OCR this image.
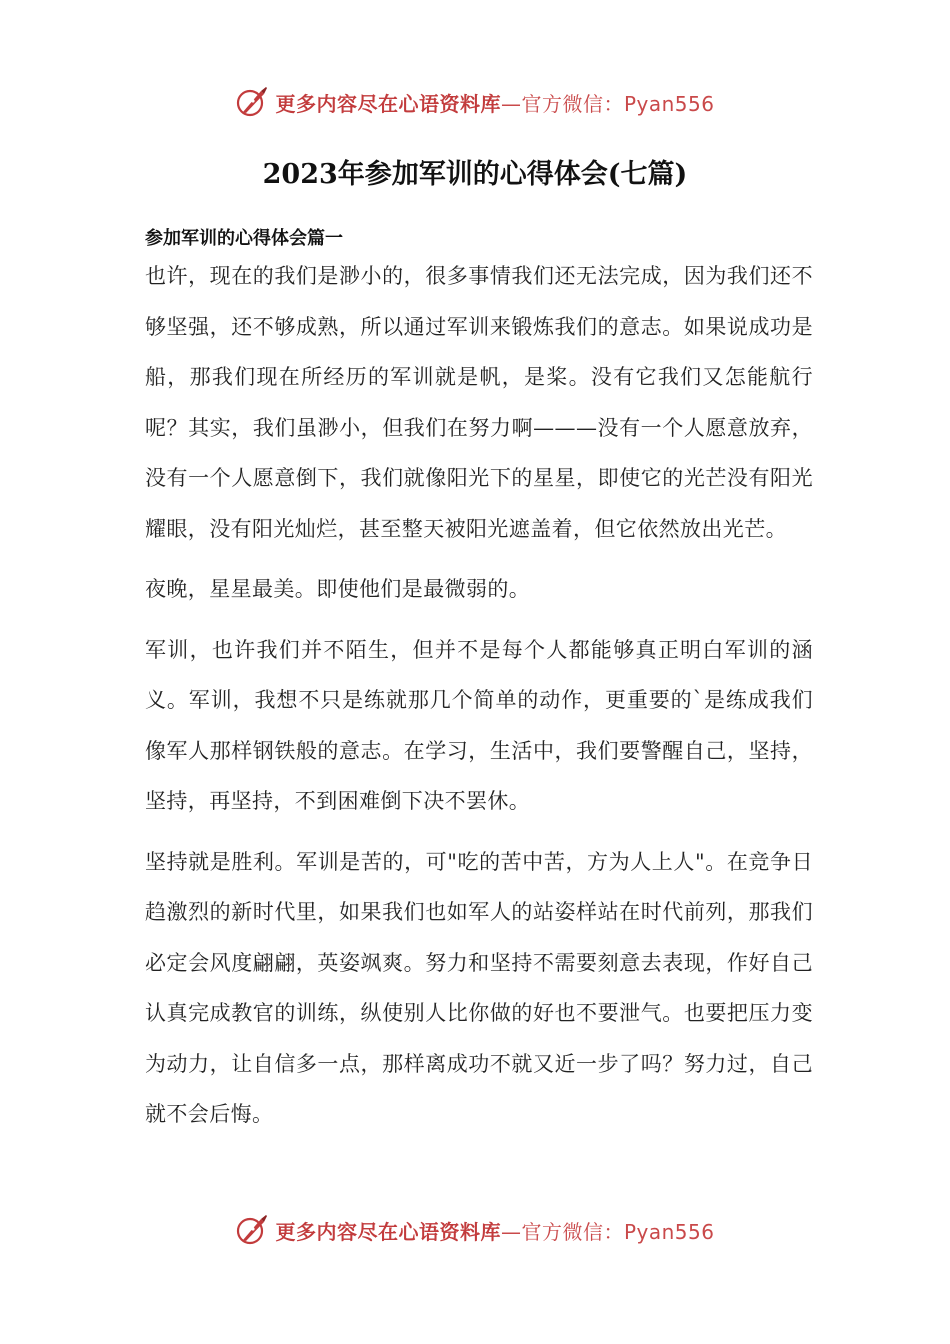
更多内容尽在心语资料库—官方微信：Pyan556
2023年参加军训的心得体会(七篇)
参加军训的心得体会篇一

也许，现在的我们是渺小的，很多事情我们还无法完成，因为我们还不够坚强，还不够成熟，所以通过军训来锻炼我们的意志。如果说成功是船，那我们现在所经历的军训就是帆，是桨。没有它我们又怎能航行呢？其实，我们虽渺小，但我们在努力啊———没有一个人愿意放弃，没有一个人愿意倒下，我们就像阳光下的星星，即使它的光芒没有阳光耀眼，没有阳光灿烂，甚至整天被阳光遮盖着，但它依然放出光芒。

夜晚，星星最美。即使他们是最微弱的。

军训，也许我们并不陌生，但并不是每个人都能够真正明白军训的涵义。军训，我想不只是练就那几个简单的动作，更重要的`是练成我们像军人那样钢铁般的意志。在学习，生活中，我们要警醒自己，坚持，坚持，再坚持，不到困难倒下决不罢休。

坚持就是胜利。军训是苦的，可"吃的苦中苦，方为人上人"。在竞争日趋激烈的新时代里，如果我们也如军人的站姿样站在时代前列，那我们必定会风度翩翩，英姿飒爽。努力和坚持不需要刻意去表现，作好自己认真完成教官的训练，纵使别人比你做的好也不要泄气。也要把压力变为动力，让自信多一点，那样离成功不就又近一步了吗？努力过，自己就不会后悔。

更多内容尽在心语资料库—官方微信：Pyan556
